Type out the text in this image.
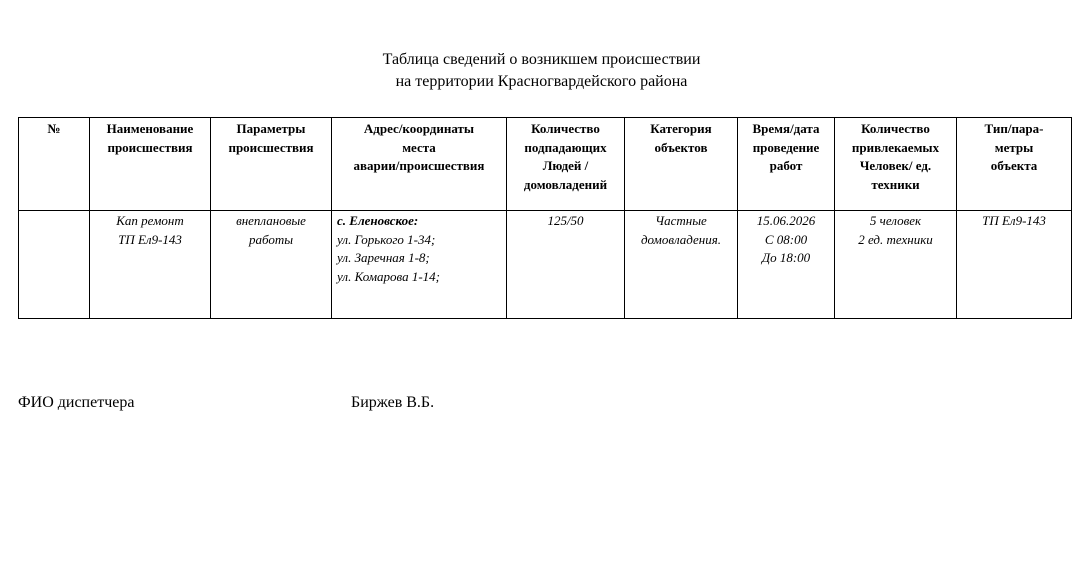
Таблица сведений о возникшем происшествии
на территории Красногвардейского района
№	Наименование
происшествия	Параметры
происшествия	Адрес/координаты
места
аварии/происшествия	Количество
подпадающих
Людей /
домовладений	Категория
объектов	Время/дата
проведение
работ	Количество
привлекаемых
Человек/ ед.
техники	Тип/пара-
метры
объекта

	Кап ремонт
ТП Ел9-143	внеплановые
работы	с. Еленовское:
ул. Горького 1-34;
ул. Заречная 1-8;
ул. Комарова 1-14;	125/50	Частные
домовладения.	15.06.2026
С 08:00
До 18:00	5 человек
2 ед. техники	ТП Ел9-143
ФИО диспетчера	Биржев В.Б.
